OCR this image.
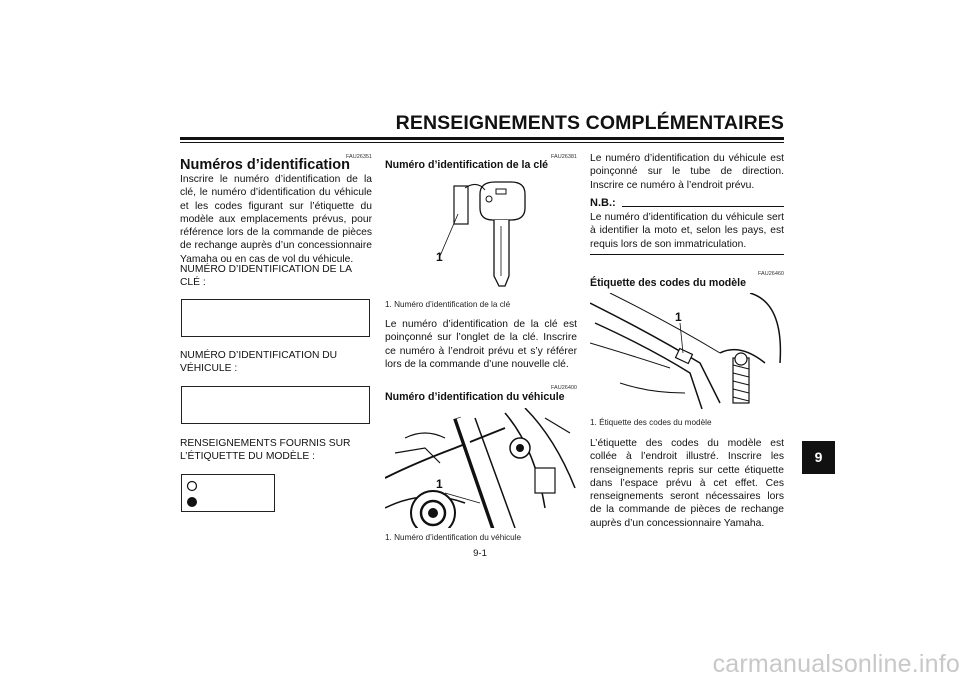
RENSEIGNEMENTS COMPLÉMENTAIRES
FAU26351
Numéros d’identification
Inscrire le numéro d’identification de la clé, le numéro d’identification du véhicule et les codes figurant sur l’étiquette du modèle aux emplacements prévus, pour référence lors de la commande de pièces de rechange auprès d’un concessionnaire Yamaha ou en cas de vol du véhicule.
NUMÉRO D’IDENTIFICATION DE LA
CLÉ :
NUMÉRO D’IDENTIFICATION DU
VÉHICULE :
RENSEIGNEMENTS FOURNIS SUR
L’ÉTIQUETTE DU MODÈLE :
FAU26381
Numéro d’identification de la clé
1
1. Numéro d’identification de la clé
Le numéro d’identification de la clé est poinçonné sur l’onglet de la clé. Inscrire ce numéro à l’endroit prévu et s’y référer lors de la commande d’une nouvelle clé.
FAU26400
Numéro d’identification du véhicule
1
1. Numéro d’identification du véhicule
Le numéro d’identification du véhicule est poinçonné sur le tube de direction. Inscrire ce numéro à l’endroit prévu.
N.B.:
Le numéro d’identification du véhicule sert à identifier la moto et, selon les pays, est requis lors de son immatriculation.
FAU26460
Étiquette des codes du modèle
1
1. Étiquette des codes du modèle
L’étiquette des codes du modèle est collée à l’endroit illustré. Inscrire les renseignements repris sur cette étiquette dans l’espace prévu à cet effet. Ces renseignements seront nécessaires lors de la commande de pièces de rechange auprès d’un concessionnaire Yamaha.
9
9-1
carmanualsonline.info
